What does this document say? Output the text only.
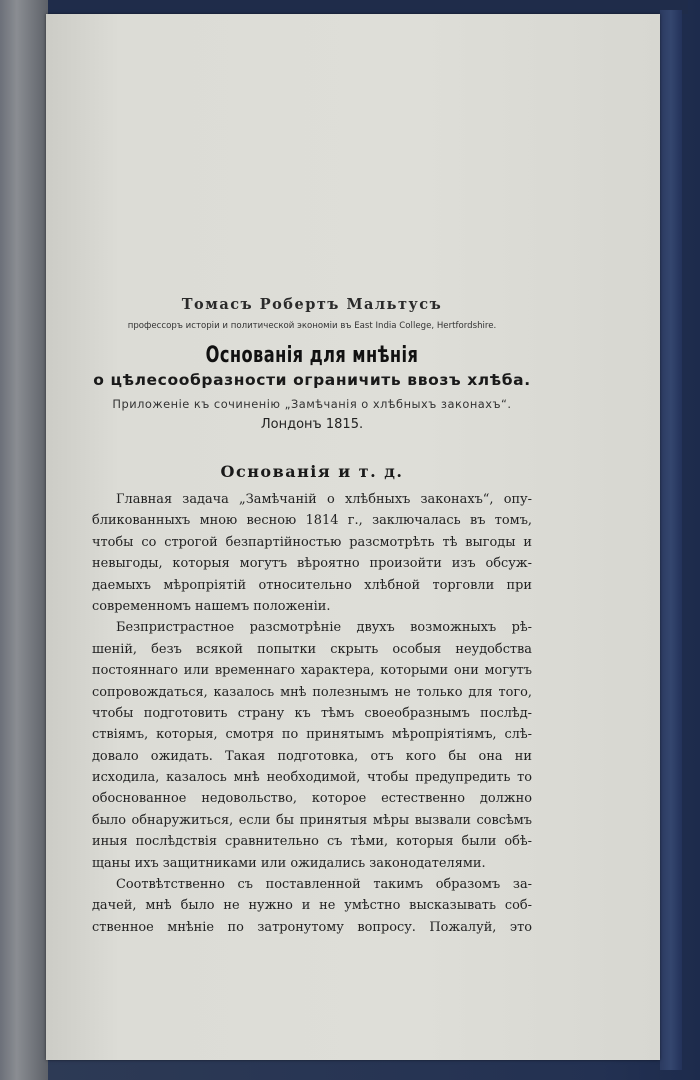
Томасъ Робертъ Мальтусъ
профессоръ исторіи и политической экономіи въ East India College, Hertfordshire.
Основанія для мнѣнія
о цѣлесообразности ограничить ввозъ хлѣба.
Приложеніе къ сочиненію „Замѣчанія о хлѣбныхъ законахъ“.
Лондонъ 1815.
Основанія и т. д.
Главная задача „Замѣчаній о хлѣбныхъ законахъ“, опу-
бликованныхъ мною весною 1814 г., заключалась въ томъ,
чтобы со строгой безпартійностью разсмотрѣть тѣ выгоды и
невыгоды, которыя могутъ вѣроятно произойти изъ обсуж-
даемыхъ мѣропріятій относительно хлѣбной торговли при
современномъ нашемъ положеніи.
Безпристрастное разсмотрѣніе двухъ возможныхъ рѣ-
шеній, безъ всякой попытки скрыть особыя неудобства
постояннаго или временнаго характера, которыми они могутъ
сопровождаться, казалось мнѣ полезнымъ не только для того,
чтобы подготовить страну къ тѣмъ своеобразнымъ послѣд-
ствіямъ, которыя, смотря по принятымъ мѣропріятіямъ, слѣ-
довало ожидать. Такая подготовка, отъ кого бы она ни
исходила, казалось мнѣ необходимой, чтобы предупредить то
обоснованное недовольство, которое естественно должно
было обнаружиться, если бы принятыя мѣры вызвали совсѣмъ
иныя послѣдствія сравнительно съ тѣми, которыя были обѣ-
щаны ихъ защитниками или ожидались законодателями.
Соотвѣтственно съ поставленной такимъ образомъ за-
дачей, мнѣ было не нужно и не умѣстно высказывать соб-
ственное мнѣніе по затронутому вопросу. Пожалуй, это
